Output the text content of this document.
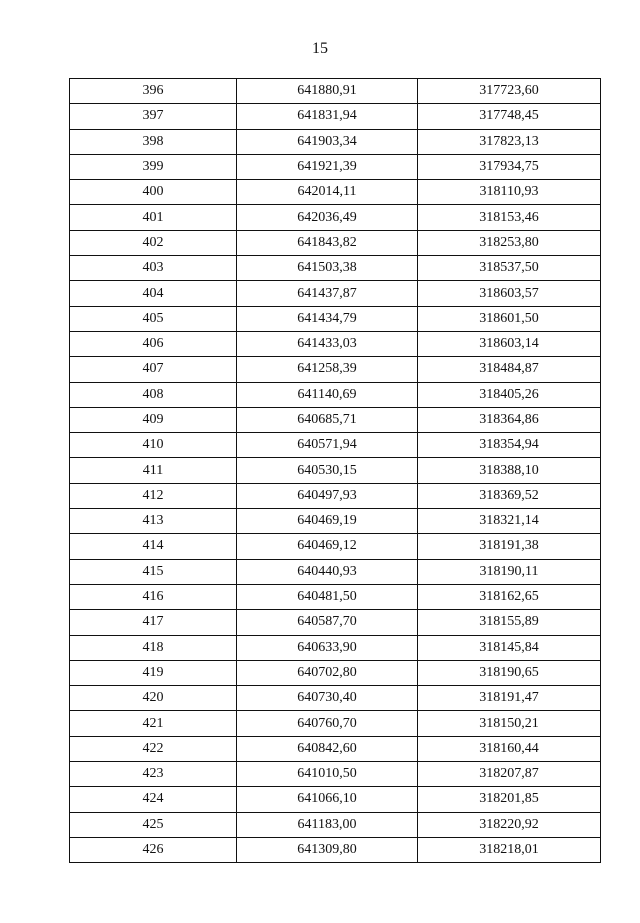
15
396	641880,91	317723,60
397	641831,94	317748,45
398	641903,34	317823,13
399	641921,39	317934,75
400	642014,11	318110,93
401	642036,49	318153,46
402	641843,82	318253,80
403	641503,38	318537,50
404	641437,87	318603,57
405	641434,79	318601,50
406	641433,03	318603,14
407	641258,39	318484,87
408	641140,69	318405,26
409	640685,71	318364,86
410	640571,94	318354,94
411	640530,15	318388,10
412	640497,93	318369,52
413	640469,19	318321,14
414	640469,12	318191,38
415	640440,93	318190,11
416	640481,50	318162,65
417	640587,70	318155,89
418	640633,90	318145,84
419	640702,80	318190,65
420	640730,40	318191,47
421	640760,70	318150,21
422	640842,60	318160,44
423	641010,50	318207,87
424	641066,10	318201,85
425	641183,00	318220,92
426	641309,80	318218,01
